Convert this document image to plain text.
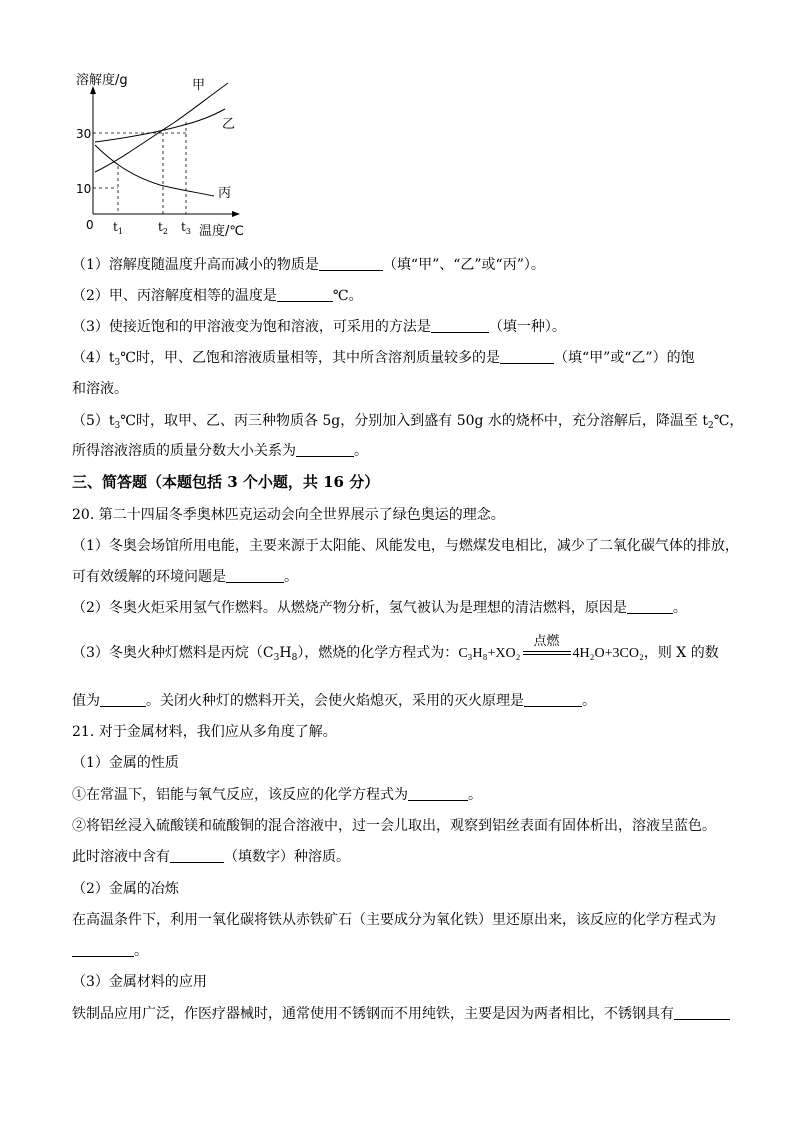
溶解度/g
30
10
0 $t_1$	$t_2$ $t_3$ 温度/℃
甲
乙
丙
（1）溶解度随温度升高而减小的物质是	（填“甲”、“乙”或“丙”）。
（2）甲、丙溶解度相等的温度是	℃。
（3）使接近饱和的甲溶液变为饱和溶液，可采用的方法是	（填一种）。
$(4)t_3℃$时，甲、乙饱和溶液质量相等，其中所含溶剂质量较多的是	（填“甲”或“乙”）的饱
和溶液。
$(5)t_3℃$时，取甲、乙、丙三种物质各 5g，分别加入到盛有 50g 水的烧杯中，充分溶解后，降温至 $t_2℃$，
所得溶液溶质的质量分数大小关系为	。
三、简答题（本题包括 3 个小题，共 16 分）
20. 第二十四届冬季奥林匹克运动会向全世界展示了绿色奥运的理念。
（1）冬奥会场馆所用电能，主要来源于太阳能、风能发电，与燃煤发电相比，减少了二氧化碳气体的排放，
可有效缓解的环境问题是	。
（2）冬奥火炬采用氢气作燃料。从燃烧产物分析，氢气被认为是理想的清洁燃料，原因是	。
（3）冬奥火种灯燃料是丙烷$(C_3H_8)$，燃烧的化学方程式为：C₃H₈+XO₂
点燃
4H₂O+3CO₂，则 X 的数
值为	。关闭火种灯的燃料开关，会使火焰熄灭，采用的灭火原理是	。
21. 对于金属材料，我们应从多角度了解。
（1）金属的性质
①在常温下，铝能与氧气反应，该反应的化学方程式为	。
②将铝丝浸入硫酸镁和硫酸铜的混合溶液中，过一会儿取出，观察到铝丝表面有固体析出，溶液呈蓝色。
此时溶液中含有	（填数字）种溶质。
（2）金属的冶炼
在高温条件下，利用一氧化碳将铁从赤铁矿石（主要成分为氧化铁）里还原出来，该反应的化学方程式为
。
（3）金属材料的应用
铁制品应用广泛，作医疗器械时，通常使用不锈钢而不用纯铁，主要是因为两者相比，不锈钢具有
